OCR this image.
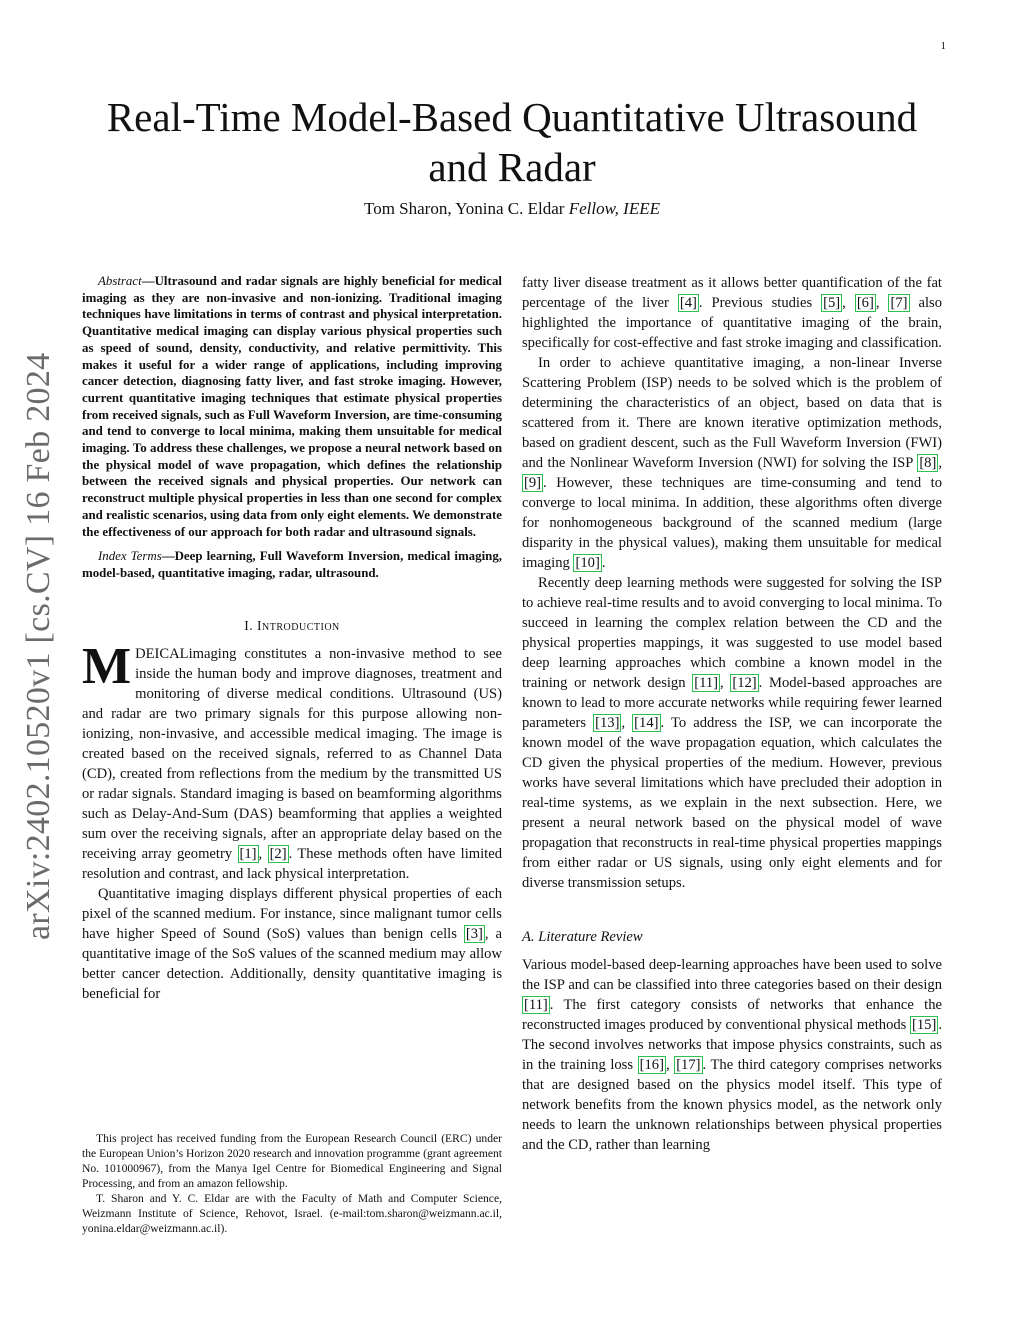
1
arXiv:2402.10520v1 [cs.CV] 16 Feb 2024
Real-Time Model-Based Quantitative Ultrasound
and Radar
Tom Sharon, Yonina C. Eldar Fellow, IEEE

Abstract—Ultrasound and radar signals are highly beneficial for medical imaging as they are non-invasive and non-ionizing. Traditional imaging techniques have limitations in terms of contrast and physical interpretation. Quantitative medical imaging can display various physical properties such as speed of sound, density, conductivity, and relative permittivity. This makes it useful for a wider range of applications, including improving cancer detection, diagnosing fatty liver, and fast stroke imaging. However, current quantitative imaging techniques that estimate physical properties from received signals, such as Full Waveform Inversion, are time-consuming and tend to converge to local minima, making them unsuitable for medical imaging. To address these challenges, we propose a neural network based on the physical model of wave propagation, which defines the relationship between the received signals and physical properties. Our network can reconstruct multiple physical properties in less than one second for complex and realistic scenarios, using data from only eight elements. We demonstrate the effectiveness of our approach for both radar and ultrasound signals.

Index Terms—Deep learning, Full Waveform Inversion, medical imaging, model-based, quantitative imaging, radar, ultrasound.

I. Introduction

M DEICALimaging constitutes a non-invasive method to see inside the human body and improve diagnoses, treatment and monitoring of diverse medical conditions. Ultrasound (US) and radar are two primary signals for this purpose allowing non-ionizing, non-invasive, and accessible medical imaging. The image is created based on the received signals, referred to as Channel Data (CD), created from reflections from the medium by the transmitted US or radar signals. Standard imaging is based on beamforming algorithms such as Delay-And-Sum (DAS) beamforming that applies a weighted sum over the receiving signals, after an appropriate delay based on the receiving array geometry [1] , [2] . These methods often have limited resolution and contrast, and lack physical interpretation.

Quantitative imaging displays different physical properties of each pixel of the scanned medium. For instance, since malignant tumor cells have higher Speed of Sound (SoS) values than benign cells [3] , a quantitative image of the SoS values of the scanned medium may allow better cancer detection. Additionally, density quantitative imaging is beneficial for

This project has received funding from the European Research Council (ERC) under the European Union’s Horizon 2020 research and innovation programme (grant agreement No. 101000967), from the Manya Igel Centre for Biomedical Engineering and Signal Processing, and from an amazon fellowship.

T. Sharon and Y. C. Eldar are with the Faculty of Math and Computer Science, Weizmann Institute of Science, Rehovot, Israel. (e-mail:tom.sharon@weizmann.ac.il, yonina.eldar@weizmann.ac.il).

fatty liver disease treatment as it allows better quantification of the fat percentage of the liver [4] . Previous studies [5] , [6] , [7] also highlighted the importance of quantitative imaging of the brain, specifically for cost-effective and fast stroke imaging and classification.

In order to achieve quantitative imaging, a non-linear Inverse Scattering Problem (ISP) needs to be solved which is the problem of determining the characteristics of an object, based on data that is scattered from it. There are known iterative optimization methods, based on gradient descent, such as the Full Waveform Inversion (FWI) and the Nonlinear Waveform Inversion (NWI) for solving the ISP [8] , [9] . However, these techniques are time-consuming and tend to converge to local minima. In addition, these algorithms often diverge for nonhomogeneous background of the scanned medium (large disparity in the physical values), making them unsuitable for medical imaging [10] .

Recently deep learning methods were suggested for solving the ISP to achieve real-time results and to avoid converging to local minima. To succeed in learning the complex relation between the CD and the physical properties mappings, it was suggested to use model based deep learning approaches which combine a known model in the training or network design [11] , [12] . Model-based approaches are known to lead to more accurate networks while requiring fewer learned parameters [13] , [14] . To address the ISP, we can incorporate the known model of the wave propagation equation, which calculates the CD given the physical properties of the medium. However, previous works have several limitations which have precluded their adoption in real-time systems, as we explain in the next subsection. Here, we present a neural network based on the physical model of wave propagation that reconstructs in real-time physical properties mappings from either radar or US signals, using only eight elements and for diverse transmission setups.

A. Literature Review

Various model-based deep-learning approaches have been used to solve the ISP and can be classified into three categories based on their design [11] . The first category consists of networks that enhance the reconstructed images produced by conventional physical methods [15] . The second involves networks that impose physics constraints, such as in the training loss [16] , [17] . The third category comprises networks that are designed based on the physics model itself. This type of network benefits from the known physics model, as the network only needs to learn the unknown relationships between physical properties and the CD, rather than learning
